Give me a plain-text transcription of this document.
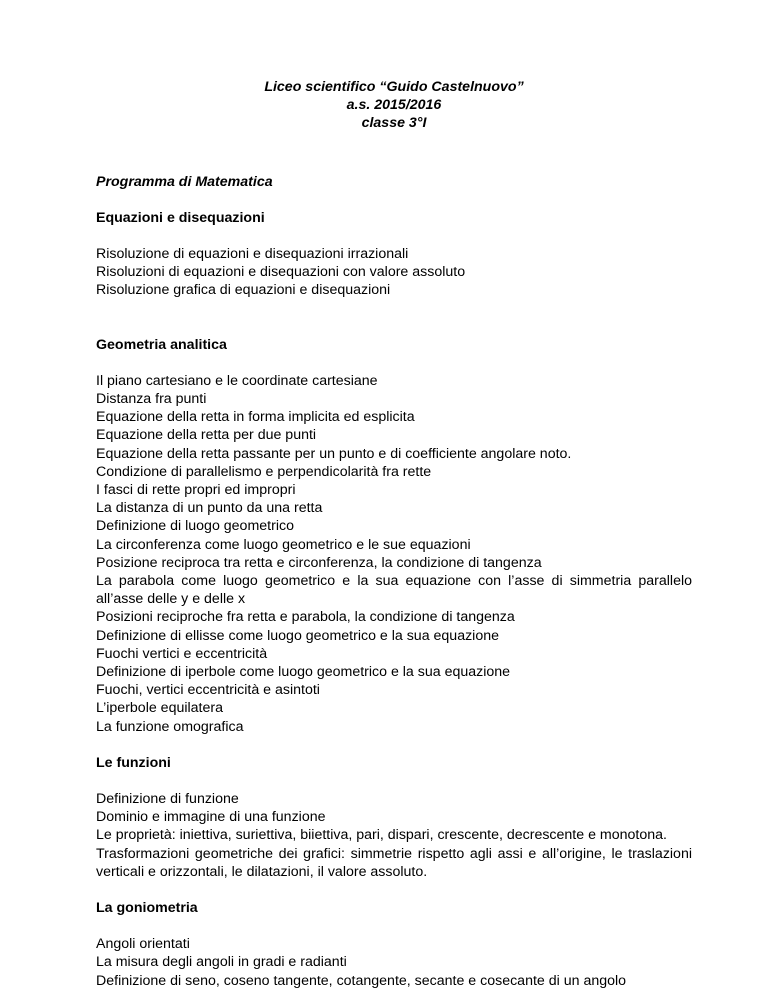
Liceo scientifico “Guido Castelnuovo”
a.s. 2015/2016
classe 3°I
Programma di Matematica
Equazioni e disequazioni
Risoluzione di equazioni e disequazioni irrazionali
Risoluzioni di equazioni e disequazioni con valore assoluto
Risoluzione grafica di equazioni e disequazioni
Geometria analitica
Il piano cartesiano e le coordinate cartesiane
Distanza fra punti
Equazione della retta in forma implicita ed esplicita
Equazione della retta per due punti
Equazione della retta passante per un punto e di coefficiente angolare noto.
Condizione di parallelismo e perpendicolarità fra rette
I fasci di rette propri ed impropri
La distanza di un punto da una retta
Definizione di luogo geometrico
La circonferenza come luogo geometrico e le sue equazioni
Posizione reciproca tra retta e circonferenza, la condizione di tangenza
La parabola come luogo geometrico e la sua equazione con l’asse di simmetria parallelo all’asse delle y e delle x
Posizioni reciproche fra retta e parabola, la condizione di tangenza
Definizione di ellisse come luogo geometrico e la sua equazione
Fuochi vertici e eccentricità
Definizione di iperbole come luogo geometrico e la sua equazione
Fuochi, vertici eccentricità e asintoti
L’iperbole equilatera
La funzione omografica
Le funzioni
Definizione di funzione
Dominio e immagine di una funzione
Le proprietà: iniettiva, suriettiva, biiettiva, pari, dispari, crescente, decrescente e monotona.
Trasformazioni geometriche dei grafici: simmetrie rispetto agli assi e all’origine, le traslazioni verticali e orizzontali, le dilatazioni, il valore assoluto.
La goniometria
Angoli orientati
La misura degli angoli in gradi e radianti
Definizione di seno, coseno tangente, cotangente, secante e cosecante di un angolo
